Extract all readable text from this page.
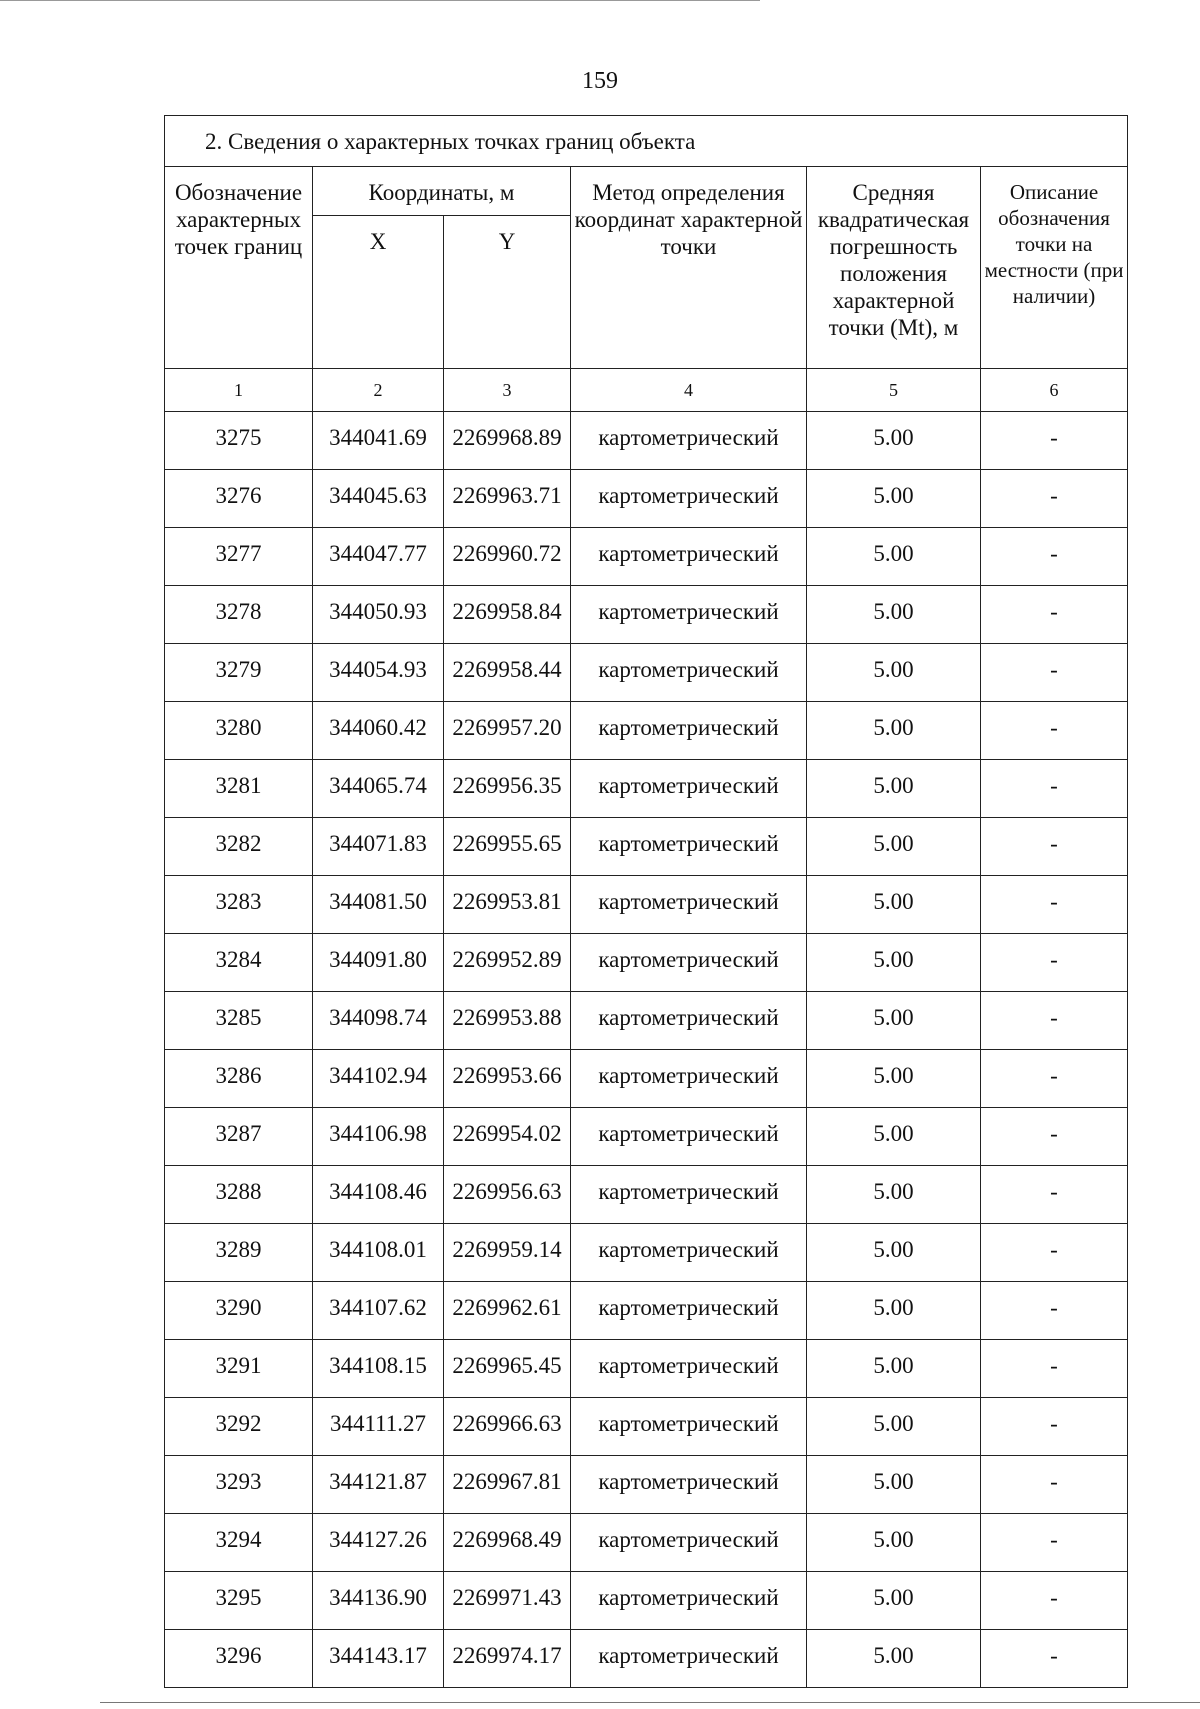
159
2. Сведения о характерных точках границ объекта					
Обозначение характерных точек границ	Координаты, м		Метод определения координат характерной точки	Средняя квадратическая погрешность положения характерной точки (Mt), м	Описание обозначения точки на местности (при наличии)
	X	Y			
1	2	3	4	5	6
3275	344041.69	2269968.89	картометрический	5.00	-
3276	344045.63	2269963.71	картометрический	5.00	-
3277	344047.77	2269960.72	картометрический	5.00	-
3278	344050.93	2269958.84	картометрический	5.00	-
3279	344054.93	2269958.44	картометрический	5.00	-
3280	344060.42	2269957.20	картометрический	5.00	-
3281	344065.74	2269956.35	картометрический	5.00	-
3282	344071.83	2269955.65	картометрический	5.00	-
3283	344081.50	2269953.81	картометрический	5.00	-
3284	344091.80	2269952.89	картометрический	5.00	-
3285	344098.74	2269953.88	картометрический	5.00	-
3286	344102.94	2269953.66	картометрический	5.00	-
3287	344106.98	2269954.02	картометрический	5.00	-
3288	344108.46	2269956.63	картометрический	5.00	-
3289	344108.01	2269959.14	картометрический	5.00	-
3290	344107.62	2269962.61	картометрический	5.00	-
3291	344108.15	2269965.45	картометрический	5.00	-
3292	344111.27	2269966.63	картометрический	5.00	-
3293	344121.87	2269967.81	картометрический	5.00	-
3294	344127.26	2269968.49	картометрический	5.00	-
3295	344136.90	2269971.43	картометрический	5.00	-
3296	344143.17	2269974.17	картометрический	5.00	-
